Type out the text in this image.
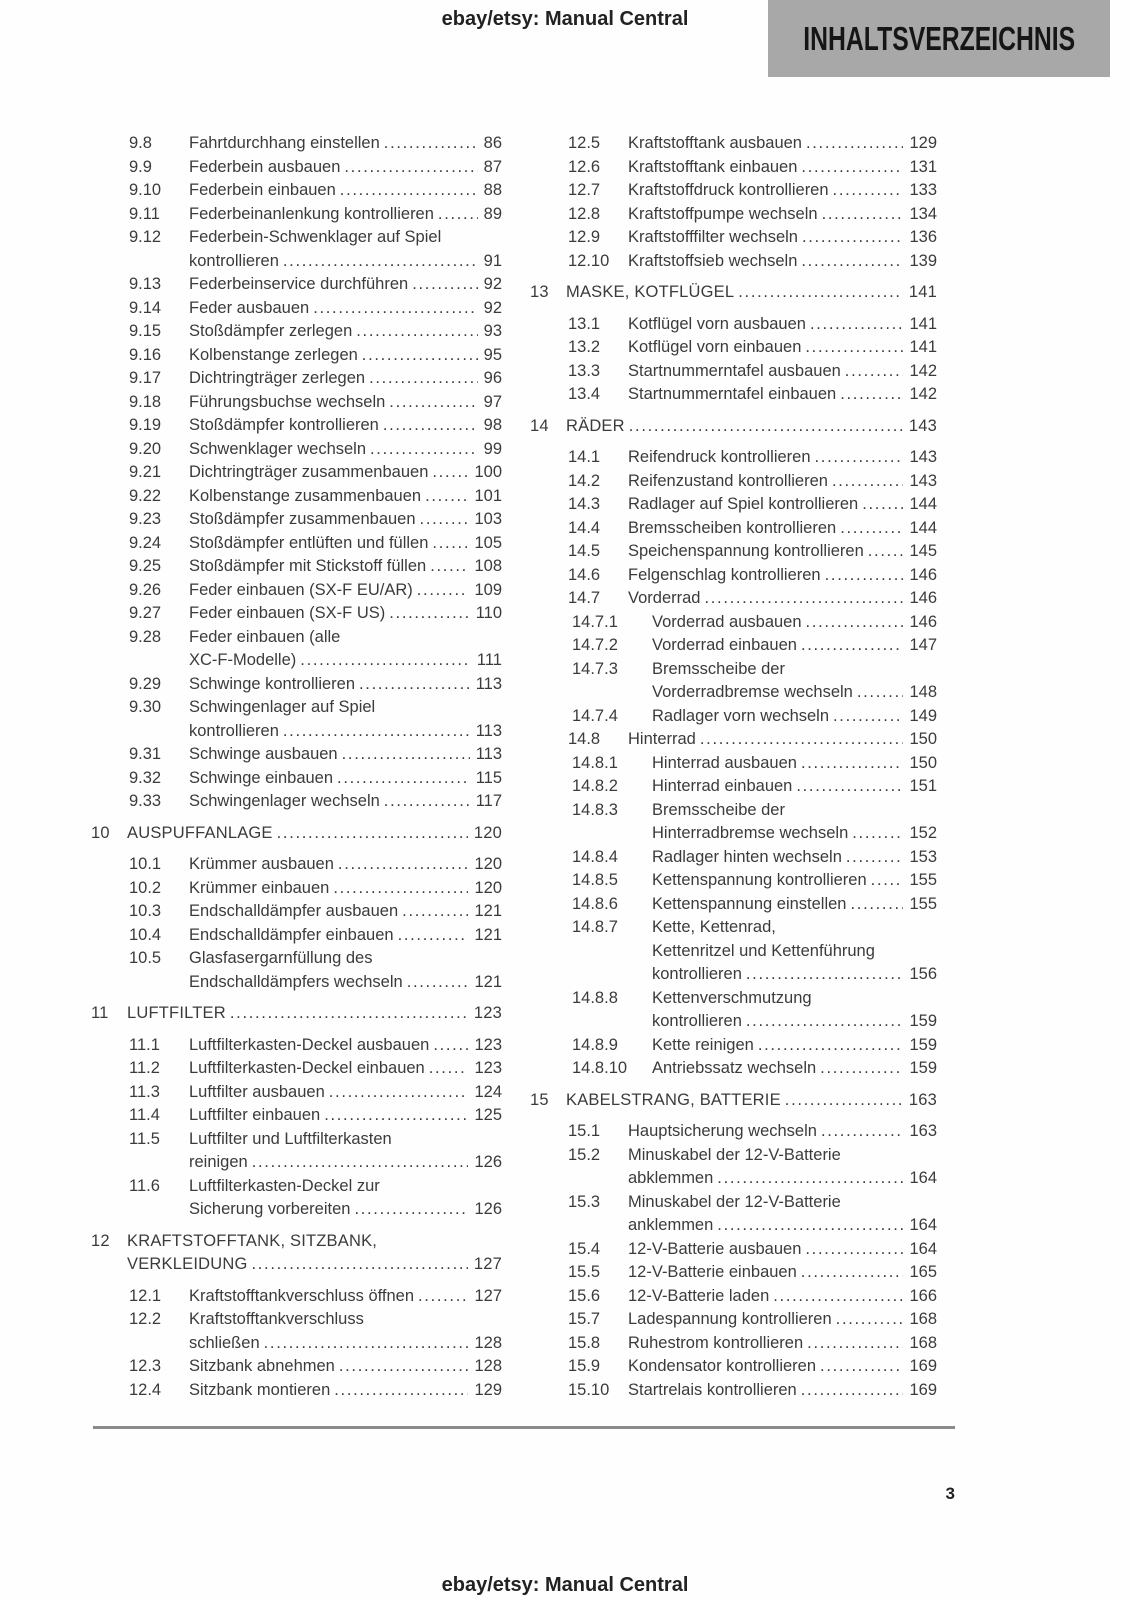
ebay/etsy: Manual Central
INHALTSVERZEICHNIS
9.8 Fahrtdurchhang einstellen .....	86
9.9 Federbein ausbauen .....	87
9.10 Federbein einbauen .....	88
9.11 Federbeinanlenkung kontrollieren .....	89
9.12 Federbein-Schwenklager auf Spiel
kontrollieren .....	91
9.13 Federbeinservice durchführen .....	92
9.14 Feder ausbauen .....	92
9.15 Stoßdämpfer zerlegen .....	93
9.16 Kolbenstange zerlegen .....	95
9.17 Dichtringträger zerlegen .....	96
9.18 Führungsbuchse wechseln .....	97
9.19 Stoßdämpfer kontrollieren .....	98
9.20 Schwenklager wechseln .....	99
9.21 Dichtringträger zusammenbauen .....	100
9.22 Kolbenstange zusammenbauen .....	101
9.23 Stoßdämpfer zusammenbauen .....	103
9.24 Stoßdämpfer entlüften und füllen .....	105
9.25 Stoßdämpfer mit Stickstoff füllen .....	108
9.26 Feder einbauen (SX-F EU/AR) .....	109
9.27 Feder einbauen (SX-F US) .....	110
9.28 Feder einbauen (alle
XC-F-Modelle) .....	111
9.29 Schwinge kontrollieren .....	113
9.30 Schwingenlager auf Spiel
kontrollieren .....	113
9.31 Schwinge ausbauen .....	113
9.32 Schwinge einbauen .....	115
9.33 Schwingenlager wechseln .....	117
10 AUSPUFFANLAGE .....	120
10.1 Krümmer ausbauen .....	120
10.2 Krümmer einbauen .....	120
10.3 Endschalldämpfer ausbauen .....	121
10.4 Endschalldämpfer einbauen .....	121
10.5 Glasfasergarnfüllung des
Endschalldämpfers wechseln .....	121
11 LUFTFILTER .....	123
11.1 Luftfilterkasten-Deckel ausbauen .....	123
11.2 Luftfilterkasten-Deckel einbauen .....	123
11.3 Luftfilter ausbauen .....	124
11.4 Luftfilter einbauen .....	125
11.5 Luftfilter und Luftfilterkasten
reinigen .....	126
11.6 Luftfilterkasten-Deckel zur
Sicherung vorbereiten .....	126
12 KRAFTSTOFFTANK, SITZBANK,
VERKLEIDUNG .....	127
12.1 Kraftstofftankverschluss öffnen .....	127
12.2 Kraftstofftankverschluss
schließen .....	128
12.3 Sitzbank abnehmen .....	128
12.4 Sitzbank montieren .....	129
12.5 Kraftstofftank ausbauen .....	129
12.6 Kraftstofftank einbauen .....	131
12.7 Kraftstoffdruck kontrollieren .....	133
12.8 Kraftstoffpumpe wechseln .....	134
12.9 Kraftstofffilter wechseln .....	136
12.10 Kraftstoffsieb wechseln .....	139
13 MASKE, KOTFLÜGEL .....	141
13.1 Kotflügel vorn ausbauen .....	141
13.2 Kotflügel vorn einbauen .....	141
13.3 Startnummerntafel ausbauen .....	142
13.4 Startnummerntafel einbauen .....	142
14 RÄDER .....	143
14.1 Reifendruck kontrollieren .....	143
14.2 Reifenzustand kontrollieren .....	143
14.3 Radlager auf Spiel kontrollieren .....	144
14.4 Bremsscheiben kontrollieren .....	144
14.5 Speichenspannung kontrollieren .....	145
14.6 Felgenschlag kontrollieren .....	146
14.7 Vorderrad .....	146
14.7.1 Vorderrad ausbauen .....	146
14.7.2 Vorderrad einbauen .....	147
14.7.3 Bremsscheibe der
Vorderradbremse wechseln .....	148
14.7.4 Radlager vorn wechseln .....	149
14.8 Hinterrad .....	150
14.8.1 Hinterrad ausbauen .....	150
14.8.2 Hinterrad einbauen .....	151
14.8.3 Bremsscheibe der
Hinterradbremse wechseln .....	152
14.8.4 Radlager hinten wechseln .....	153
14.8.5 Kettenspannung kontrollieren .....	155
14.8.6 Kettenspannung einstellen .....	155
14.8.7 Kette, Kettenrad,
Kettenritzel und Kettenführung
kontrollieren .....	156
14.8.8 Kettenverschmutzung
kontrollieren .....	159
14.8.9 Kette reinigen .....	159
14.8.10 Antriebssatz wechseln .....	159
15 KABELSTRANG, BATTERIE .....	163
15.1 Hauptsicherung wechseln .....	163
15.2 Minuskabel der 12-V-Batterie
abklemmen .....	164
15.3 Minuskabel der 12-V-Batterie
anklemmen .....	164
15.4 12-V-Batterie ausbauen .....	164
15.5 12-V-Batterie einbauen .....	165
15.6 12-V-Batterie laden .....	166
15.7 Ladespannung kontrollieren .....	168
15.8 Ruhestrom kontrollieren .....	168
15.9 Kondensator kontrollieren .....	169
15.10 Startrelais kontrollieren .....	169
3
ebay/etsy: Manual Central
